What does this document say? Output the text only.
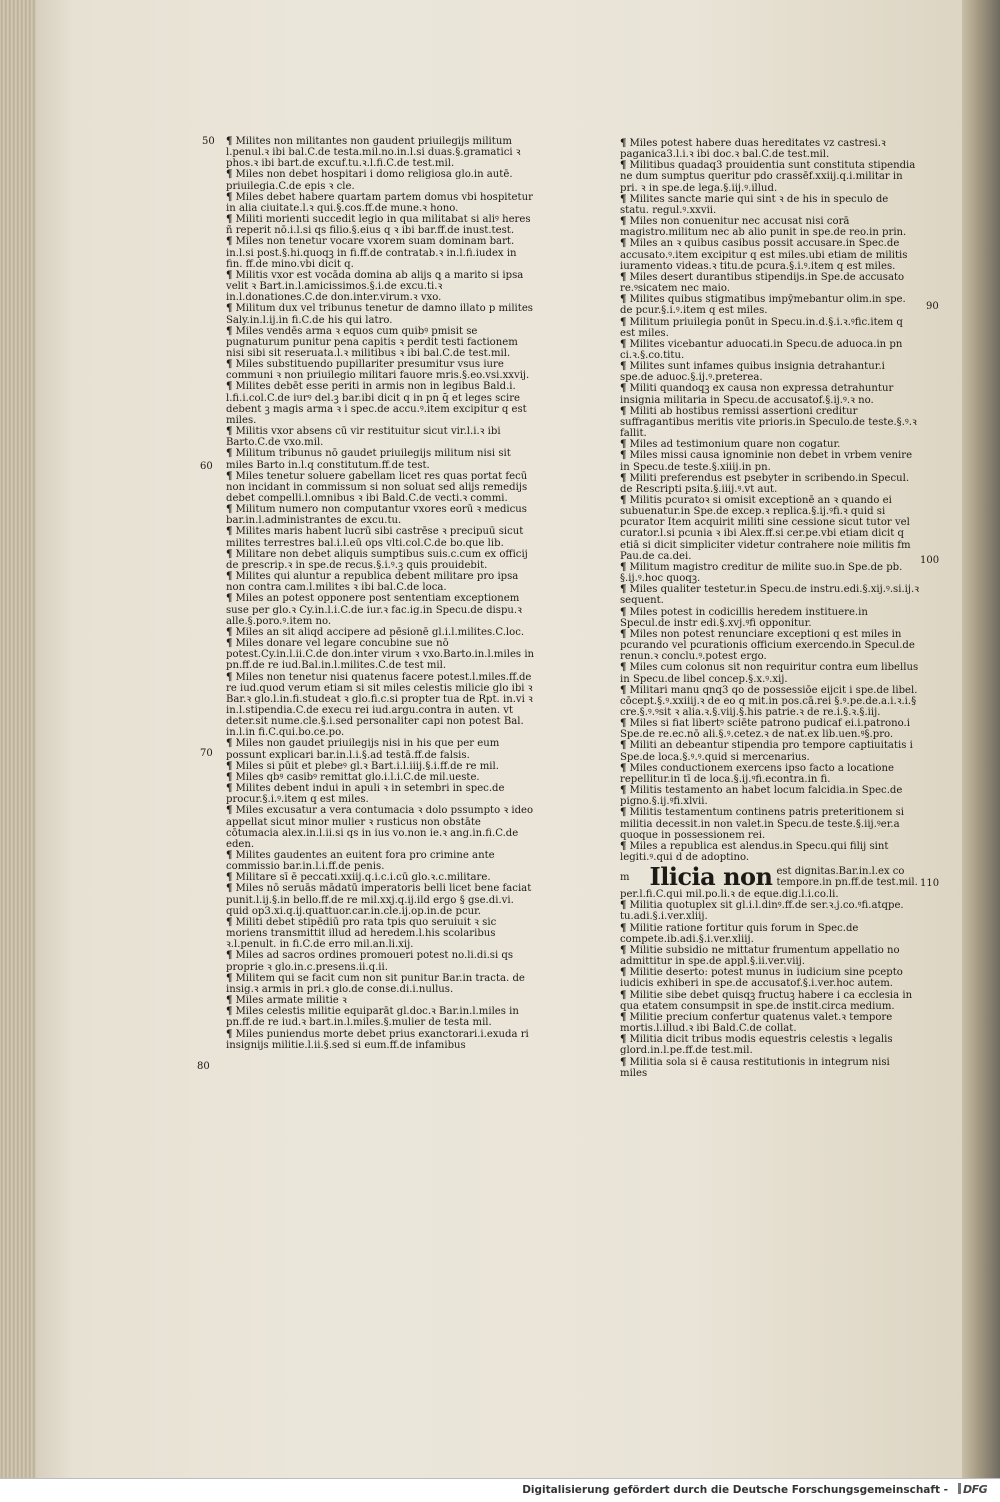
50
60
70
80
90
100
110

¶ Milites non militantes non gaudent priuilegijs militum l.penul.ꝛ ibi bal.C.de testa.mil.no.in.l.si duas.§.gramatici ꝛ phos.ꝛ ibi bart.de excuf.tu.ꝛ.l.fi.C.de test.mil.

¶ Miles non debet hospitari i domo religiosa glo.in autē. priuilegia.C.de epis ꝛ cle.

¶ Miles debet habere quartam partem domus vbi hospitetur in alia ciuitate.l.ꝛ qui.§.cos.ff.de mune.ꝛ hono.

¶ Militi morienti succedit legio in qua militabat si aliꝰ heres ñ reperit nō.i.l.si qs filio.§.eius q ꝛ ibi bar.ff.de inust.test.

¶ Miles non tenetur vocare vxorem suam dominam bart. in.l.si post.§.hi.quoqꝫ in fi.ff.de contratab.ꝛ in.l.fi.iudex in fin. ff.de mino.vbi dicit q.

¶ Militis vxor est vocāda domina ab alijs ꝗ a marito si ipsa velit ꝛ Bart.in.l.amicissimos.§.i.de excu.ti.ꝛ in.l.donationes.C.de don.inter.virum.ꝛ vxo.

¶ Militum dux vel tribunus tenetur de damno illato p milites Saly.in.l.ij.in fi.C.de his qui latro.

¶ Miles vendēs arma ꝛ equos cum quibꝰ pmisit se pugnaturum punitur pena capitis ꝛ perdit testi factionem nisi sibi sit reseruata.l.ꝛ militibus ꝛ ibi bal.C.de test.mil.

¶ Miles substituendo pupillariter presumitur vsus iure communi ꝛ non priuilegio militari fauore mris.§.eo.vsi.xxvij.

¶ Milites debēt esse periti in armis non in legibus Bald.i. l.fi.i.col.C.de iurꝰ del.ꝫ bar.ibi dicit q in pn q̄ et leges scire debent ꝫ magis arma ꝛ i spec.de accu.ꝰ.item excipitur q est miles.

¶ Militis vxor absens cū vir restituitur sicut vir.l.i.ꝛ ibi Barto.C.de vxo.mil.

¶ Militum tribunus nō gaudet priuilegijs militum nisi sit miles Barto in.l.q constitutum.ff.de test.

¶ Miles tenetur soluere gabellam licet res quas portat fecū non incidant in commissum si non soluat sed alijs remedijs debet compelli.l.omnibus ꝛ ibi Bald.C.de vecti.ꝛ commi.

¶ Militum numero non computantur vxores eorū ꝛ medicus bar.in.l.administrantes de excu.tu.

¶ Milites maris habent lucrū sibi castrēse ꝛ precipuū sicut milites terrestres bal.i.l.eū ops vlti.col.C.de bo.que lib.

¶ Militare non debet aliquis sumptibus suis.c.cum ex officij de prescrip.ꝛ in spe.de recus.§.i.ꝰ.ꝫ quis prouidebit.

¶ Milites qui aluntur a republica debent militare pro ipsa non contra cam.l.milites ꝛ ibi bal.C.de loca.

¶ Miles an potest opponere post sententiam exceptionem suse per glo.ꝛ Cy.in.l.i.C.de iur.ꝛ fac.ig.in Specu.de dispu.ꝛ alle.§.poro.ꝰ.item no.

¶ Miles an sit aliqd accipere ad pēsionē gl.i.l.milites.C.loc.

¶ Miles donare vel legare concubine sue nō potest.Cy.in.l.ii.C.de don.inter virum ꝛ vxo.Barto.in.l.miles in pn.ff.de re iud.Bal.in.l.milites.C.de test mil.

¶ Miles non tenetur nisi quatenus facere potest.l.miles.ff.de re iud.quod verum etiam si sit miles celestis milicie glo ibi ꝛ Bar.ꝛ glo.l.in.fi.studeat ꝛ glo.fi.c.si propter tua de Rpt. in.vi ꝛ in.l.stipendia.C.de execu rei iud.argu.contra in auten. vt deter.sit nume.cle.§.i.sed personaliter capi non potest Bal. in.l.in fi.C.qui.bo.ce.po.

¶ Miles non gaudet priuilegijs nisi in his que per eum possunt explicari bar.in.l.i.§.ad testā.ff.de falsis.

¶ Miles si pūit et plebeꝰ gl.ꝛ Bart.i.l.iiij.§.i.ff.de re mil.

¶ Miles qbꝰ casibꝰ remittat glo.i.l.i.C.de mil.ueste.

¶ Milites debent indui in apuli ꝛ in setembri in spec.de procur.§.i.ꝰ.item q est miles.

¶ Miles excusatur a vera contumacia ꝛ dolo pssumpto ꝛ ideo appellat sicut minor mulier ꝛ rusticus non obstāte cōtumacia alex.in.l.ii.si qs in ius vo.non ie.ꝛ ang.in.fi.C.de eden.

¶ Milites gaudentes an euitent fora pro crimine ante commissio bar.in.l.i.ff.de penis.

¶ Militare sī ē peccati.xxiij.q.i.c.i.cū glo.ꝛ.c.militare.

¶ Miles nō seruās mādatū imperatoris belli licet bene faciat punit.l.ij.§.in bello.ff.de re mil.xxj.q.ij.ild ergo § gse.di.vi. quid op3.xi.q.ij.quattuor.car.in.cle.ij.op.in.de pcur.

¶ Militi debet stipēdiū pro rata tpis quo seruiuit ꝛ sic moriens transmittit illud ad heredem.l.his scolaribus ꝛ.l.penult. in fi.C.de erro mil.an.li.xij.

¶ Miles ad sacros ordines promoueri potest no.li.di.si qs proprie ꝛ glo.in.c.presens.ii.q.ii.

¶ Militem qui se facit cum non sit punitur Bar.in tracta. de insig.ꝛ armis in pri.ꝛ glo.de conse.di.i.nullus.

¶ Miles armate militie ꝛ

¶ Miles celestis militie equiparāt gl.doc.ꝛ Bar.in.l.miles in pn.ff.de re iud.ꝛ bart.in.l.miles.§.mulier de testa mil.

¶ Miles puniendus morte debet prius exanctorari.i.exuda ri insignijs militie.l.ii.§.sed si eum.ff.de infamibus

¶ Miles potest habere duas hereditates vz castresi.ꝛ paganica3.l.i.ꝛ ibi doc.ꝛ bal.C.de test.mil.

¶ Militibus quadaq3 prouidentia sunt constituta stipendia ne dum sumptus queritur pdo crassēf.xxiij.q.i.militar in pri. ꝛ in spe.de lega.§.iij.ꝰ.illud.

¶ Milites sancte marie qui sint ꝛ de his in speculo de statu. regul.ꝰ.xxvii.

¶ Miles non conuenitur nec accusat nisi corā magistro.militum nec ab alio punit in spe.de reo.in prin.

¶ Miles an ꝛ quibus casibus possit accusare.in Spec.de accusato.ꝰ.item excipitur q est miles.ubi etiam de militis iuramento videas.ꝛ titu.de pcura.§.i.ꝰ.item q est miles.

¶ Miles desert durantibus stipendijs.in Spe.de accusato re.ꝰsicatem nec maio.

¶ Milites quibus stigmatibus impȳmebantur olim.in spe. de pcur.§.i.ꝰ.item q est miles.

¶ Militum priuilegia ponūt in Specu.in.d.§.i.ꝛ.ꝰfic.item q est miles.

¶ Milites vicebantur aduocati.in Specu.de aduoca.in pn ci.ꝛ.§.co.titu.

¶ Milites sunt infames quibus insignia detrahantur.i spe.de aduoc.§.ij.ꝰ.preterea.

¶ Militi quandoqꝫ ex causa non expressa detrahuntur insignia militaria in Specu.de accusatof.§.ij.ꝰ.ꝛ no.

¶ Militi ab hostibus remissi assertioni creditur suffragantibus meritis vite prioris.in Speculo.de teste.§.ꝰ.ꝛ fallit.

¶ Miles ad testimonium quare non cogatur.

¶ Miles missi causa ignominie non debet in vrbem venire in Specu.de teste.§.xiiij.in pn.

¶ Militi preferendus est psebyter in scribendo.in Specul. de Rescripti psita.§.iiij.ꝰ.vt aut.

¶ Militis pcuratoꝛ si omisit exceptionē an ꝛ quando ei subuenatur.in Spe.de excep.ꝛ replica.§.ij.ꝰfi.ꝛ quid si pcurator Item acquirit militi sine cessione sicut tutor vel curator.l.si pcunia ꝛ ibi Alex.ff.si cer.pe.vbi etiam dicit q etiā si dicit simpliciter videtur contrahere noie militis fm Pau.de ca.dei.

¶ Militum magistro creditur de milite suo.in Spe.de pb. §.ij.ꝰ.hoc quoqꝫ.

¶ Miles qualiter testetur.in Specu.de instru.edi.§.xij.ꝰ.si.ij.ꝛ sequent.

¶ Miles potest in codicillis heredem instituere.in Specul.de instr edi.§.xvj.ꝰfi opponitur.

¶ Miles non potest renunciare exceptioni q est miles in pcurando vel pcurationis officium exercendo.in Specul.de renun.ꝛ conclu.ꝰ.potest ergo.

¶ Miles cum colonus sit non requiritur contra eum libellus in Specu.de libel concep.§.x.ꝰ.xij.

¶ Militari manu qnq3 qo de possessiōe eijcit i spe.de libel. cōcept.§.ꝰ.xxiiij.ꝛ de eo q mit.in pos.cā.rei §.ꝰ.pe.de.a.i.ꝛ.i.§ cre.§.ꝰ.ꝰsit ꝛ alia.ꝛ.§.viij.§.his patrie.ꝛ de re.i.§.ꝛ.§.iij.

¶ Miles si fiat libertꝰ sciēte patrono pudicaf ei.i.patrono.i Spe.de re.ec.nō ali.§.ꝰ.cetez.ꝛ de nat.ex lib.uen.ꝰ§.pro.

¶ Militi an debeantur stipendia pro tempore captiuitatis i Spe.de loca.§.ꝰ.ꝰ.quid si mercenarius.

¶ Miles conductionem exercens ipso facto a locatione repellitur.in tī de loca.§.ij.ꝰfi.econtra.in fi.

¶ Militis testamento an habet locum falcidia.in Spec.de pigno.§.ij.ꝰfi.xlvii.

¶ Militis testamentum continens patris preteritionem si militia decessit.in non valet.in Specu.de teste.§.iij.ꝰer.a quoque in possessionem rei.

¶ Miles a republica est alendus.in Specu.qui filij sint legiti.ꝰ.qui d de adoptino.

m Ilicia non est dignitas.Bar.in.l.ex co
tempore.in pn.ff.de test.mil.

per.l.fi.C.qui mil.po.li.ꝛ de eque.dig.l.i.co.li.

¶ Militia quotuplex sit gl.i.l.dinꝰ.ff.de ser.ꝛ.j.co.ꝰfi.atqpe. tu.adi.§.i.ver.xliij.

¶ Militie ratione fortitur quis forum in Spec.de compete.ib.adi.§.i.ver.xliij.

¶ Militie subsidio ne mittatur frumentum appellatio no admittitur in spe.de appl.§.ii.ver.viij.

¶ Militie deserto: potest munus in iudicium sine pcepto iudicis exhiberi in spe.de accusatof.§.i.ver.hoc autem.

¶ Militie sibe debet quisqꝫ fructuꝫ habere i ca ecclesia in qua etatem consumpsit in spe.de instit.circa medium.

¶ Militie precium confertur quatenus valet.ꝛ tempore mortis.l.illud.ꝛ ibi Bald.C.de collat.

¶ Militia dicit tribus modis equestris celestis ꝛ legalis glord.in.l.pe.ff.de test.mil.

¶ Militia sola si ē causa restitutionis in integrum nisi miles

Digitalisierung gefördert durch die Deutsche Forschungsgemeinschaft -	DFG
